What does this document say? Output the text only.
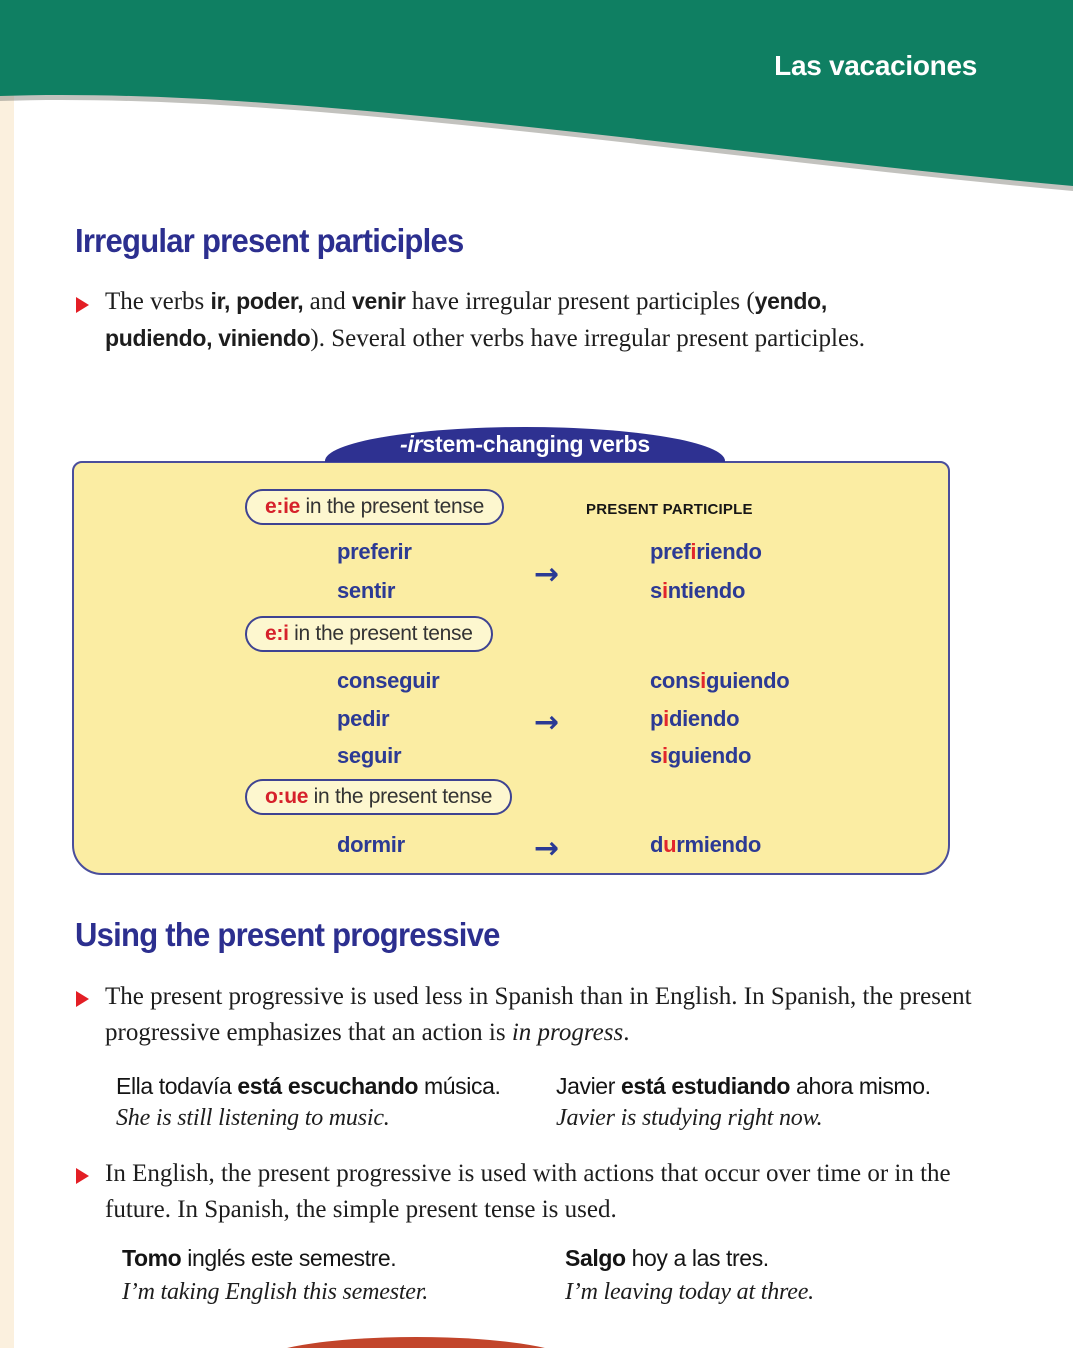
Las vacaciones
Irregular present participles
The verbs ir, poder, and venir have irregular present participles (yendo, pudiendo, viniendo). Several other verbs have irregular present participles.
-ir stem-changing verbs
e:ie in the present tense	PRESENT PARTICIPLE
preferir	prefiriendo
sentir	sintiendo
→
e:i in the present tense
conseguir	consiguiendo
pedir	pidiendo
seguir	siguiendo
→
o:ue in the present tense
dormir	durmiendo
→
Using the present progressive
The present progressive is used less in Spanish than in English. In Spanish, the present progressive emphasizes that an action is in progress.
Ella todavía está escuchando música.
She is still listening to music.
Javier está estudiando ahora mismo.
Javier is studying right now.
In English, the present progressive is used with actions that occur over time or in the future. In Spanish, the simple present tense is used.
Tomo inglés este semestre.
I’m taking English this semester.
Salgo hoy a las tres.
I’m leaving today at three.
